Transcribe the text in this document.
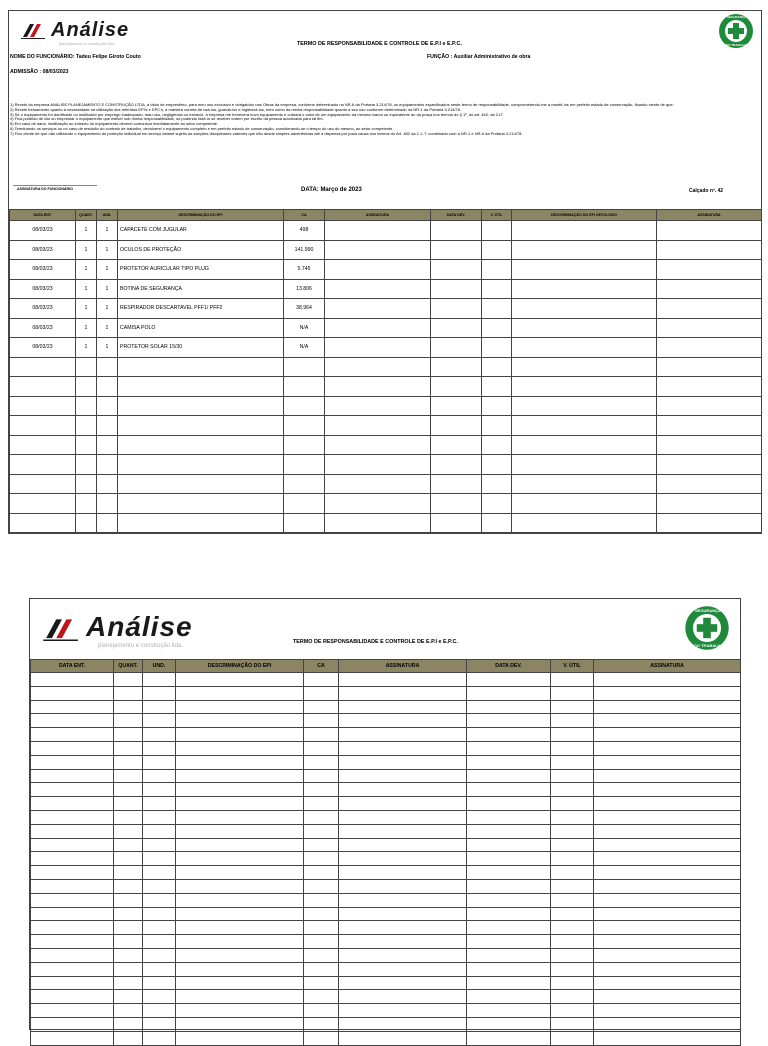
Análise
planejamento e construção ltda.
SEGURANÇA
DO TRABALHO
TERMO DE RESPONSABILIDADE E CONTROLE DE E.P.I e E.P.C.
NOME DO FUNCIONÁRIO: Tadeu Felipe Giroto Couto	FUNÇÃO : Auxiliar Administrativo de obra
ADMISSÃO : 08/03/2023
1) Recebi da empresa ANÁLISE PLANEJAMENTO E CONSTRUÇÃO LTDA, a título de empréstimo, para meu uso exclusivo e obrigatório nas Obras da empresa, conforme determinado na NR-6 da Portaria 3.214/78, os equipamentos especificados neste termo de responsabilidade, comprometendo-me a mantê-los em perfeito estado de conservação, ficando ciente de que:
2) Recebi treinamento quanto à necessidade na utilização dos referidos EPI's e EPC's, a maneira correta de usá-los, guardá-los e higienizá-los, bem como da minha responsabilidade quanto a seu uso conforme determinado na NR-1 da Portaria 3.214/78.
3) Se o equipamento for danificado ou inutilizado por emprego inadequado, mau uso, negligência ou extravio, a empresa me fornecerá novo equipamento e cobrará o valor de um equipamento da mesma marca ou equivalente ao da praça nos termos do § 1º, do art. 462, da CLT.
4) Fica proibido de dar ou emprestar o equipamento que estiver sob minha responsabilidade, só podendo fazê-lo se receber ordem por escrito da pessoa autorizada para tal fim.
5) Em caso de dano, inutilização ou extravio do equipamento deverei comunicar imediatamente ao setor competente.
6) Terminando os serviços ou no caso de rescisão do contrato de trabalho, devolverei o equipamento completo e em perfeito estado de conservação, considerando-se o tempo do uso do mesmo, ao setor competente.
7) Fico ciente de que não utilizando o equipamento de proteção individual em serviço estarei sujeito as sanções disciplinares cabíveis que irão desde simples advertências até a dispensa por justa causa nos termos do Art. 482 da C.L.T. combinado com a NR-1 e NR-6 da Portaria 3.214/78.
ASSINATURA DO FUNCIONÁRIO	DATA: Março de 2023	Calçado nº. 42
DATA ENT.	QUANT.	UND.	DESCRIMINAÇÃO DO EPI	CA	ASSINATURA	DATA DEV.	V. ÚTIL	DESCRIMINAÇÃO DO EPI DEVOLVIDO	ASSINATURA
08/03/23	1	1	CAPACETE COM JUGULAR	498					
08/03/23	1	1	OCULOS DE PROTEÇÃO	141.990					
08/03/23	1	1	PROTETOR AURICULAR TIPO PLUG	5.745					
08/03/23	1	1	BOTINA DE SEGURANÇA	13.806					
08/03/23	1	1	RESPIRADOR DESCARTAVEL PFF1/ PFF2	38.964					
08/03/23	1	1	CAMISA POLO	N/A					
08/03/23	1	1	PROTETOR SOLAR 15/30	N/A					

Análise
planejamento e construção ltda.
SEGURANÇA
DO TRABALHO
TERMO DE RESPONSABILIDADE E CONTROLE DE E.P.I e E.P.C.
DATA ENT.	QUANT.	UND.	DESCRIMINAÇÃO DO EPI	CA	ASSINATURA	DATA DEV.	V. ÚTIL	ASSINATURA
